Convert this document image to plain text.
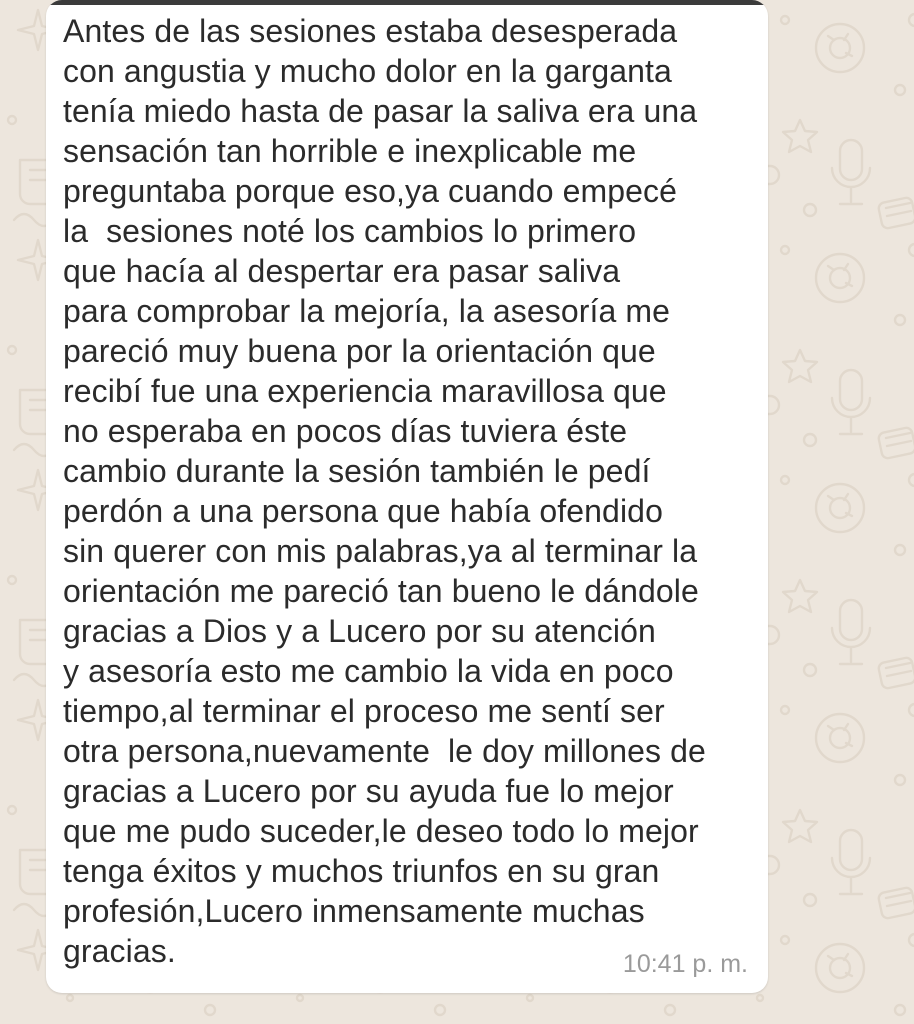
Antes de las sesiones estaba desesperada
con angustia y mucho dolor en la garganta
tenía miedo hasta de pasar la saliva era una
sensación tan horrible e inexplicable me
preguntaba porque eso,ya cuando empecé
la  sesiones noté los cambios lo primero
que hacía al despertar era pasar saliva
para comprobar la mejoría, la asesoría me
pareció muy buena por la orientación que
recibí fue una experiencia maravillosa que
no esperaba en pocos días tuviera éste
cambio durante la sesión también le pedí
perdón a una persona que había ofendido
sin querer con mis palabras,ya al terminar la
orientación me pareció tan bueno le dándole
gracias a Dios y a Lucero por su atención
y asesoría esto me cambio la vida en poco
tiempo,al terminar el proceso me sentí ser
otra persona,nuevamente  le doy millones de
gracias a Lucero por su ayuda fue lo mejor
que me pudo suceder,le deseo todo lo mejor
tenga éxitos y muchos triunfos en su gran
profesión,Lucero inmensamente muchas
gracias.	10:41 p. m.
